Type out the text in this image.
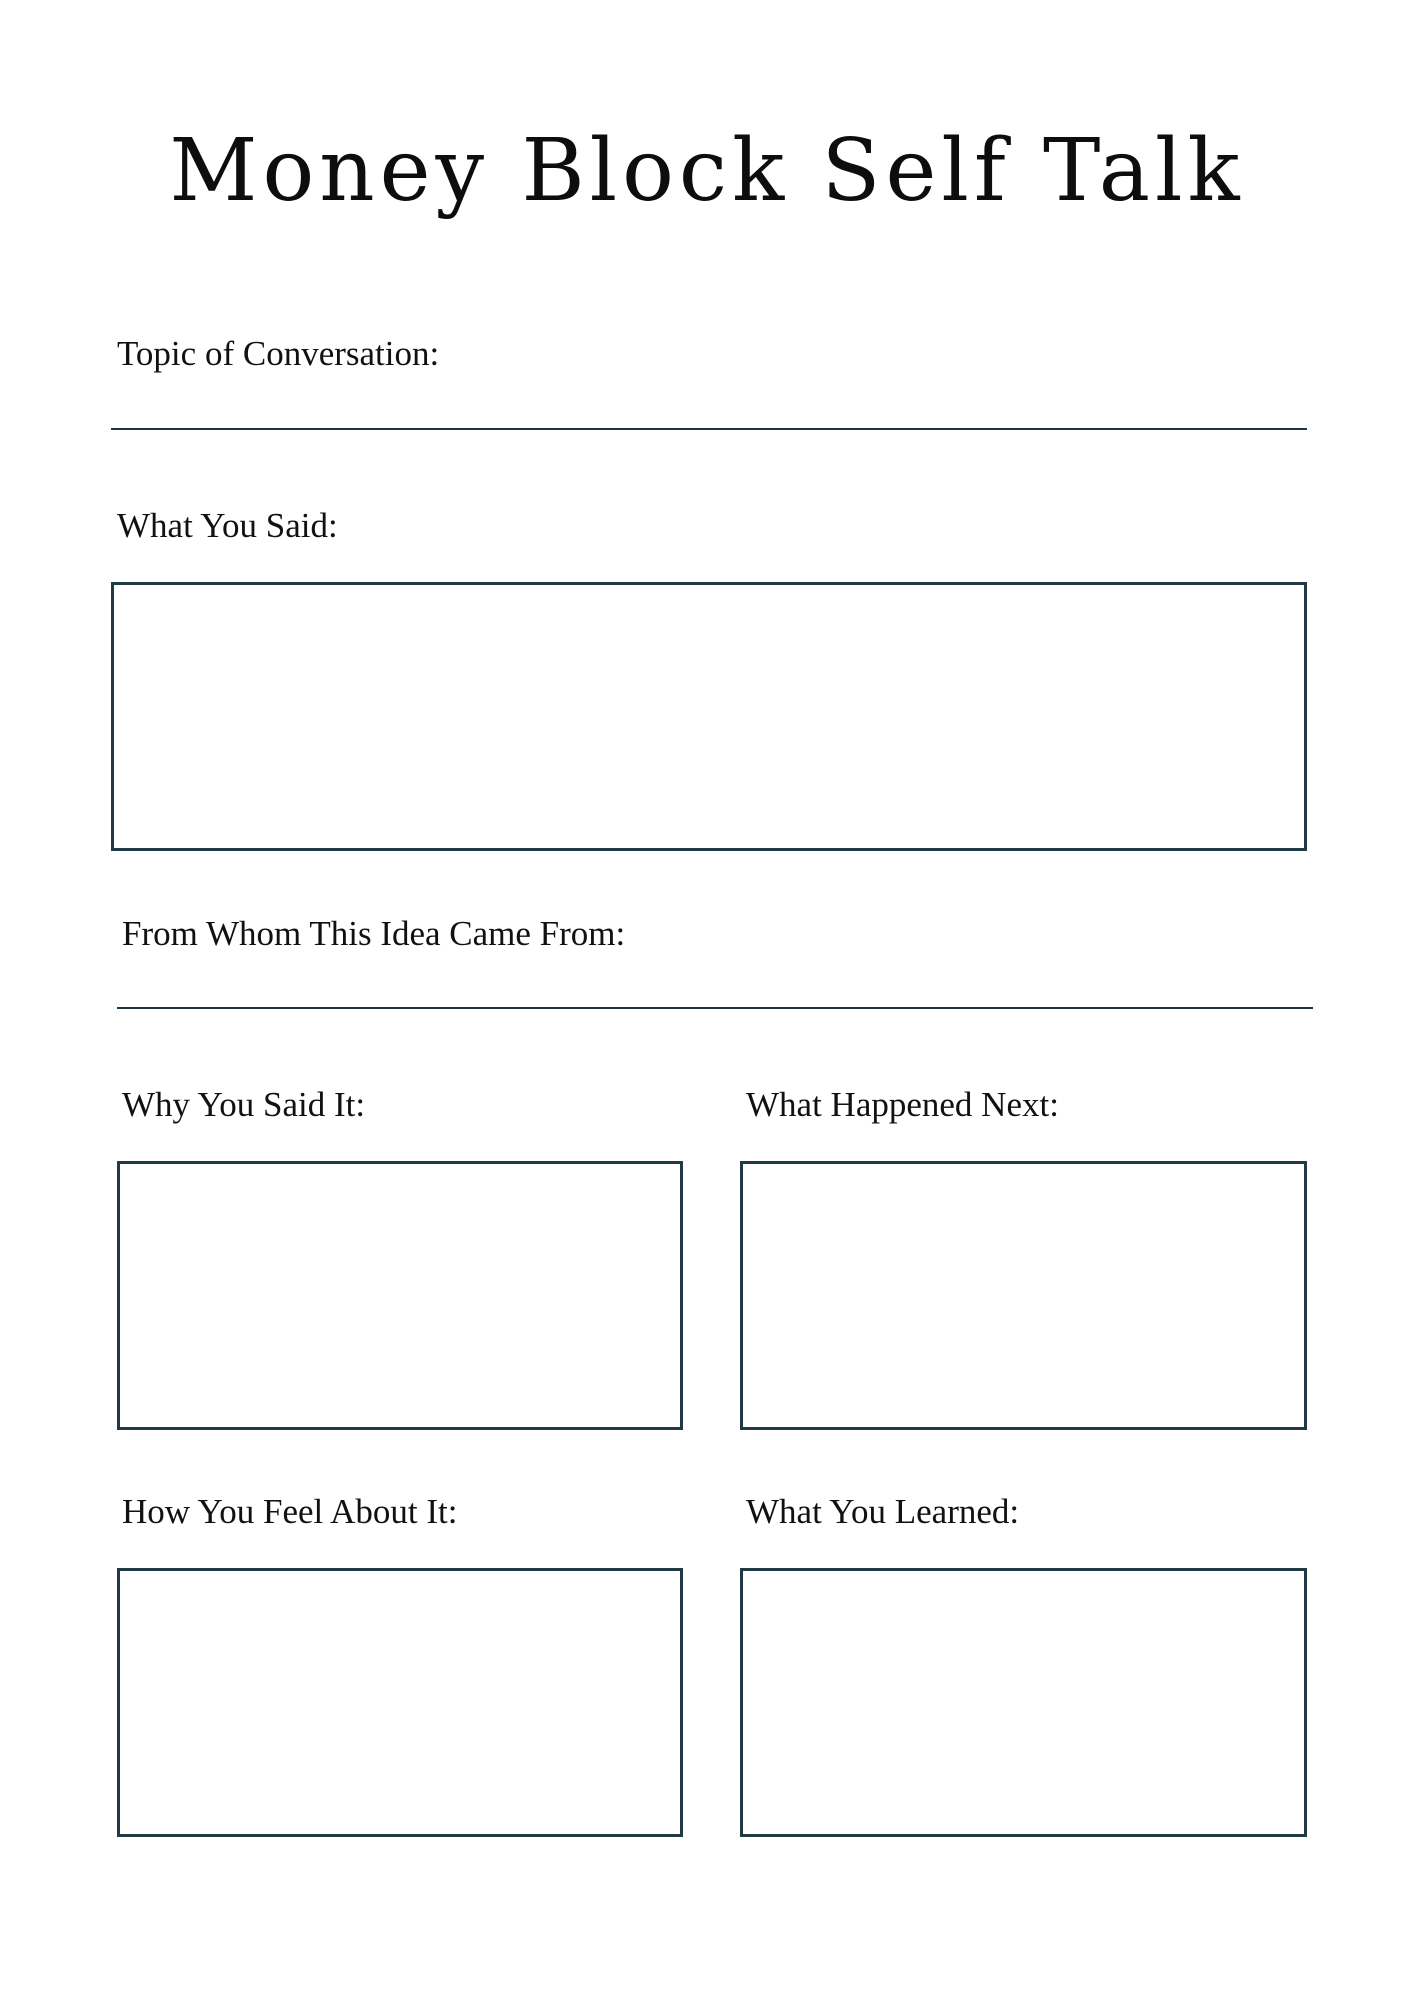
Money Block Self Talk
Topic of Conversation:
What You Said:
From Whom This Idea Came From:
Why You Said It:	What Happened Next:
How You Feel About It:	What You Learned:
